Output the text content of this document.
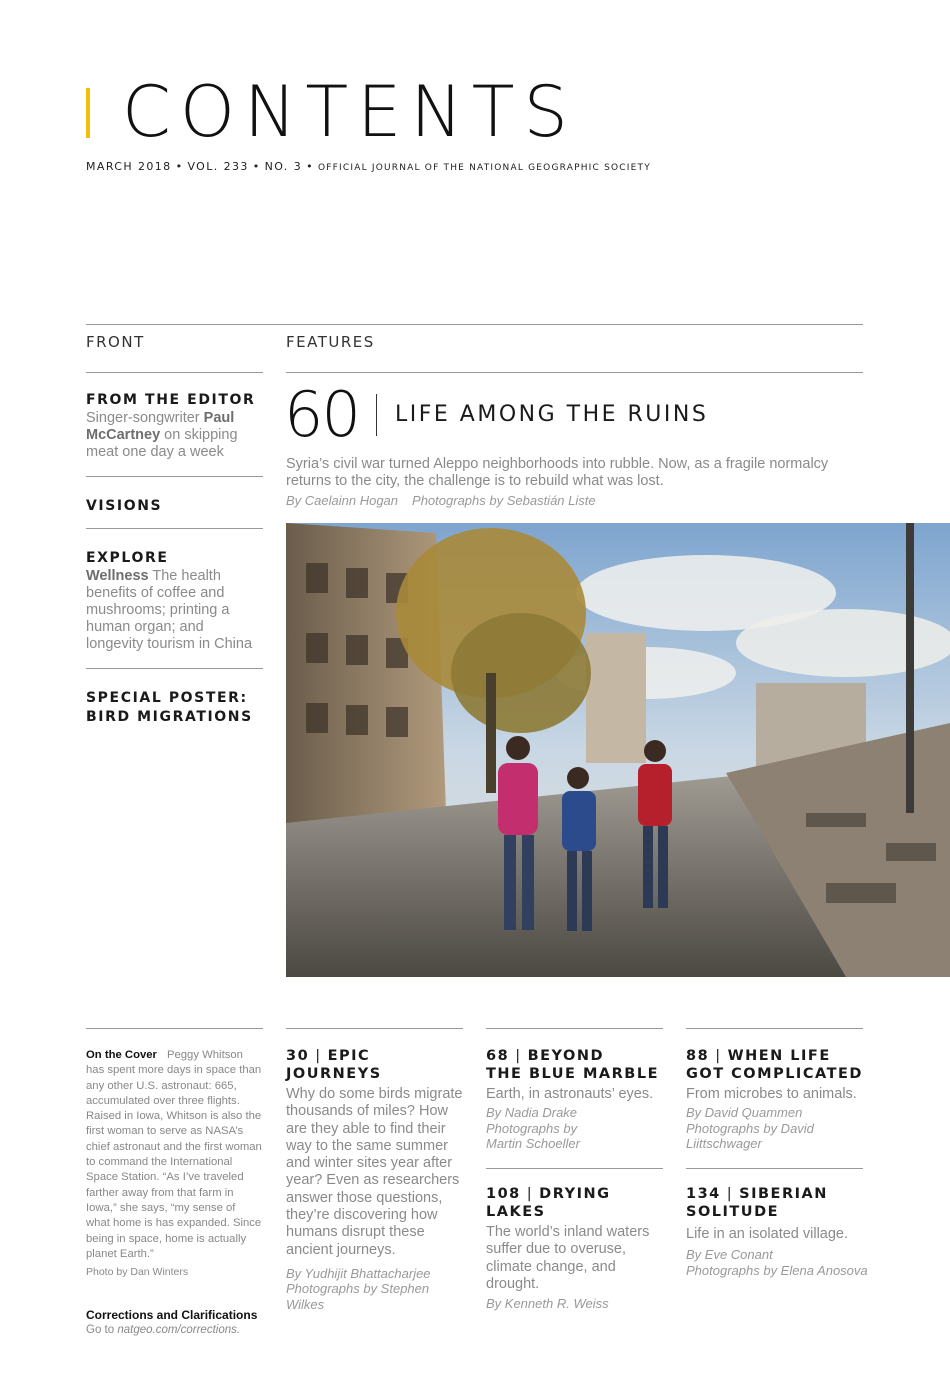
CONTENTS
MARCH 2018 • VOL. 233 • NO. 3 • OFFICIAL JOURNAL OF THE NATIONAL GEOGRAPHIC SOCIETY
FRONT	FEATURES
FROM THE EDITOR
Singer-songwriter Paul McCartney on skipping meat one day a week
VISIONS
EXPLORE
Wellness The health benefits of coffee and mushrooms; printing a human organ; and longevity tourism in China
SPECIAL POSTER:
BIRD MIGRATIONS
60 LIFE AMONG THE RUINS
Syria’s civil war turned Aleppo neighborhoods into rubble. Now, as a fragile normalcy returns to the city, the challenge is to rebuild what was lost.
By Caelainn Hogan Photographs by Sebastián Liste
On the Cover Peggy Whitson has spent more days in space than any other U.S. astronaut: 665, accumulated over three flights. Raised in Iowa, Whitson is also the first woman to serve as NASA’s chief astronaut and the first woman to command the International Space Station. “As I’ve traveled farther away from that farm in Iowa,” she says, “my sense of what home is has expanded. Since being in space, home is actually planet Earth.”
Photo by Dan Winters
Corrections and Clarifications
Go to natgeo.com/corrections.
30 | EPIC JOURNEYS
Why do some birds migrate thousands of miles? How are they able to find their way to the same summer and winter sites year after year? Even as researchers answer those questions, they’re discovering how humans disrupt these ancient journeys.
By Yudhijit Bhattacharjee
Photographs by Stephen Wilkes
68 | BEYOND
THE BLUE MARBLE
Earth, in astronauts’ eyes.
By Nadia Drake
Photographs by Martin Schoeller
108 | DRYING LAKES
The world’s inland waters suffer due to overuse, climate change, and drought.
By Kenneth R. Weiss
88 | WHEN LIFE
GOT COMPLICATED
From microbes to animals.
By David Quammen
Photographs by David Liittschwager
134 | SIBERIAN
SOLITUDE
Life in an isolated village.
By Eve Conant
Photographs by Elena Anosova
